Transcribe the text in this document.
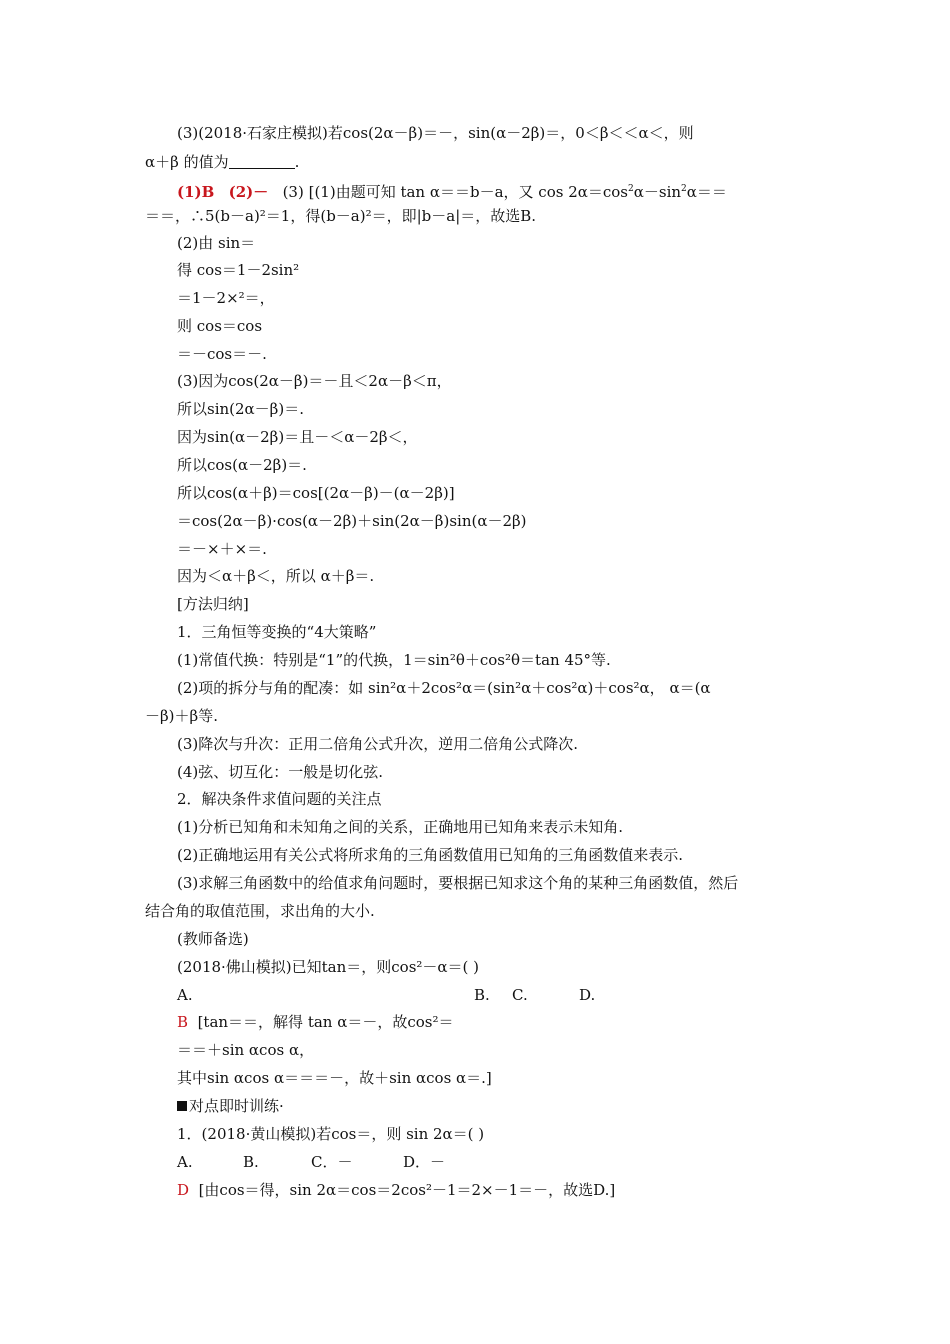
(3)(2018·石家庄模拟)若cos(2α－β)＝－，sin(α－2β)＝，0＜β＜＜α＜，则
α＋β 的值为	.
(1)B (2)－ (3) [(1)由题可知 tan α＝＝b－a，又 $\cos 2\alpha=\cos^2\alpha-\sin^2\alpha==$
＝＝，∴5(b－a)²＝1，得(b－a)²＝，即|b－a|＝，故选B.
(2)由 sin＝
得 cos＝1－2sin²
＝1－2×²＝，
则 cos＝cos
＝－cos＝－.
(3)因为cos(2α－β)＝－且＜2α－β＜π，
所以sin(2α－β)＝.
因为sin(α－2β)＝且－＜α－2β＜，
所以cos(α－2β)＝.
所以cos(α＋β)＝cos[(2α－β)－(α－2β)]
＝cos(2α－β)·cos(α－2β)＋sin(2α－β)sin(α－2β)
＝－×＋×＝.
因为＜α＋β＜，所以 α＋β＝.
[方法归纳]
1．三角恒等变换的“4大策略”
(1)常值代换：特别是“1”的代换，1＝sin²θ＋cos²θ＝tan 45°等.
(2)项的拆分与角的配凑：如 sin²α＋2cos²α＝(sin²α＋cos²α)＋cos²α， α＝(α
－β)＋β等.
(3)降次与升次：正用二倍角公式升次，逆用二倍角公式降次.
(4)弦、切互化：一般是切化弦.
2．解决条件求值问题的关注点
(1)分析已知角和未知角之间的关系，正确地用已知角来表示未知角.
(2)正确地运用有关公式将所求角的三角函数值用已知角的三角函数值来表示.
(3)求解三角函数中的给值求角问题时，要根据已知求这个角的某种三角函数值，然后
结合角的取值范围，求出角的大小.
(教师备选)
(2018·佛山模拟)已知tan＝，则cos²－α＝( )
A.	B. C.	D.
B [tan＝＝，解得 tan α＝－，故cos²＝
＝＝＋sin αcos α，
其中sin αcos α＝＝＝－，故＋sin αcos α＝.]
对点即时训练·
1．(2018·黄山模拟)若cos＝，则 sin 2α＝( )
A.	B.	C．－	D．－
D [由cos＝得，sin 2α＝cos＝2cos²－1＝2×－1＝－，故选D.]
